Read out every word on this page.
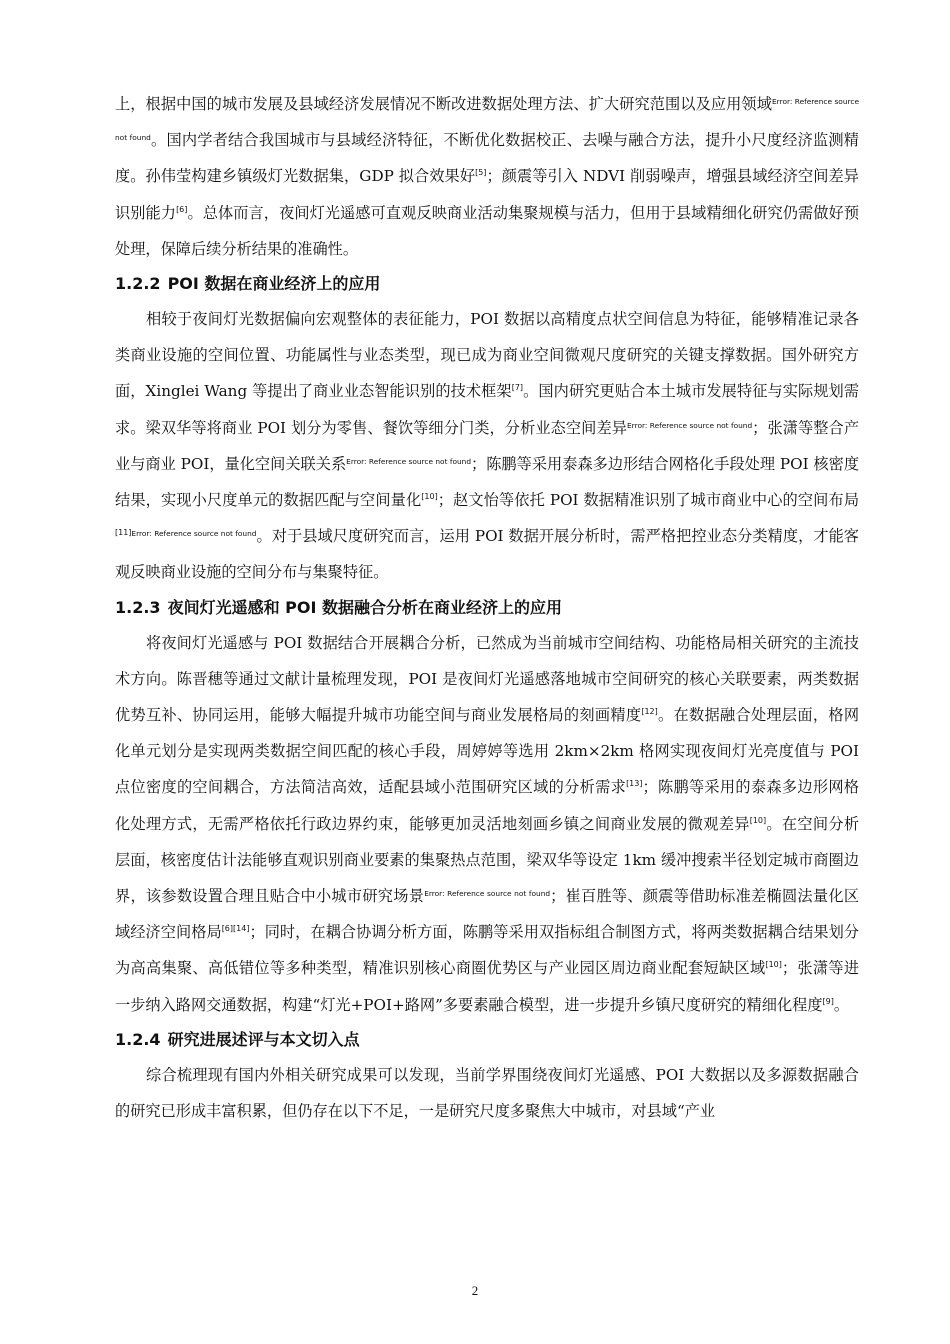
上，根据中国的城市发展及县域经济发展情况不断改进数据处理方法、扩大研究范围以及应用领域$^{Error: Reference source not found}$。国内学者结合我国城市与县域经济特征，不断优化数据校正、去噪与融合方法，提升小尺度经济监测精度。孙伟莹构建乡镇级灯光数据集，GDP 拟合效果好[5]；颜震等引入 NDVI 削弱噪声，增强县域经济空间差异识别能力[6]。总体而言，夜间灯光遥感可直观反映商业活动集聚规模与活力，但用于县域精细化研究仍需做好预处理，保障后续分析结果的准确性。

1.2.2 POI 数据在商业经济上的应用

相较于夜间灯光数据偏向宏观整体的表征能力，POI 数据以高精度点状空间信息为特征，能够精准记录各类商业设施的空间位置、功能属性与业态类型，现已成为商业空间微观尺度研究的关键支撑数据。国外研究方面，Xinglei Wang 等提出了商业业态智能识别的技术框架[7]。国内研究更贴合本土城市发展特征与实际规划需求。梁双华等将商业 POI 划分为零售、餐饮等细分门类，分析业态空间差异$^{Error: Reference source not found}$；张潇等整合产业与商业 POI，量化空间关联关系$^{Error: Reference source not found}$；陈鹏等采用泰森多边形结合网格化手段处理 POI 核密度结果，实现小尺度单元的数据匹配与空间量化[10]；赵文怡等依托 POI 数据精准识别了城市商业中心的空间布局$^{[11]Error: Reference source not found}$。对于县域尺度研究而言，运用 POI 数据开展分析时，需严格把控业态分类精度，才能客观反映商业设施的空间分布与集聚特征。

1.2.3 夜间灯光遥感和 POI 数据融合分析在商业经济上的应用

将夜间灯光遥感与 POI 数据结合开展耦合分析，已然成为当前城市空间结构、功能格局相关研究的主流技术方向。陈晋穗等通过文献计量梳理发现，POI 是夜间灯光遥感落地城市空间研究的核心关联要素，两类数据优势互补、协同运用，能够大幅提升城市功能空间与商业发展格局的刻画精度[12]。在数据融合处理层面，格网化单元划分是实现两类数据空间匹配的核心手段，周婷婷等选用 2km×2km 格网实现夜间灯光亮度值与 POI 点位密度的空间耦合，方法简洁高效，适配县域小范围研究区域的分析需求[13]；陈鹏等采用的泰森多边形网格化处理方式，无需严格依托行政边界约束，能够更加灵活地刻画乡镇之间商业发展的微观差异[10]。在空间分析层面，核密度估计法能够直观识别商业要素的集聚热点范围，梁双华等设定 1km 缓冲搜索半径划定城市商圈边界，该参数设置合理且贴合中小城市研究场景$^{Error: Reference source not found}$；崔百胜等、颜震等借助标准差椭圆法量化区域经济空间格局[6][14]；同时，在耦合协调分析方面，陈鹏等采用双指标组合制图方式，将两类数据耦合结果划分为高高集聚、高低错位等多种类型，精准识别核心商圈优势区与产业园区周边商业配套短缺区域[10]；张潇等进一步纳入路网交通数据，构建“灯光+POI+路网”多要素融合模型，进一步提升乡镇尺度研究的精细化程度[9]。

1.2.4 研究进展述评与本文切入点

综合梳理现有国内外相关研究成果可以发现，当前学界围绕夜间灯光遥感、POI 大数据以及多源数据融合的研究已形成丰富积累，但仍存在以下不足，一是研究尺度多聚焦大中城市，对县域“产业

2
